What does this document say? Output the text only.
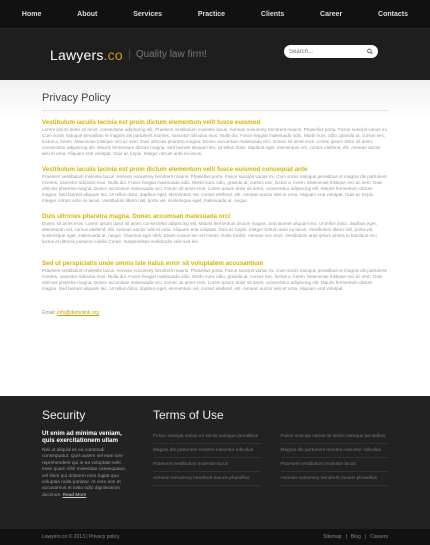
Home	About	Services	Practice	Clients	Career	Contacts
Lawyers.co	Quality law firm!
Search...
Privacy Policy
Vestibulum iaculis lacinia est proin dictum elementum velit fusce euismod

Lorem ipsum dolor sit amet, consectetur adipiscing elit. Praesent vestibulum molestie lacus. Aenean nonummy hendrerit mauris. Phasellus porta. Fusce suscipit varius mi. Cum sociis natoque penatibus et magnis dis parturient montes, nascetur ridiculus mus. Nulla dui. Fusce feugiat malesuada odio. Morbi nunc odio, gravida at, cursus nec, luctus a, lorem. Maecenas tristique orci ac sem. Duis ultricies pharetra magna. Donec accumsan malesuada orci. Donec sit amet eros. Lorem ipsum dolor sit amet, consectetur adipiscing elit. Mauris fermentum dictum magna. Sed laoreet aliquam leo. Ut tellus dolor, dapibus eget, elementum vel, cursus eleifend, elit. Aenean auctor wisi et urna. Aliquam erat volutpat. Duis ac turpis. Integer rutrum ante eu lacus.

Vestibulum iaculis lacinia est proin dictum elementum velit fusce euismod consequat ante

Praesent vestibulum molestie lacus. Aenean nonummy hendrerit mauris. Phasellus porta. Fusce suscipit varius mi. Cum sociis natoque penatibus et magnis dis parturient montes, nascetur ridiculus mus. Nulla dui. Fusce feugiat malesuada odio. Morbi nunc odio, gravida at, cursus nec, luctus a, lorem. Maecenas tristique orci ac sem. Duis ultricies pharetra magna. Donec accumsan malesuada orci. Donec sit amet eros. Lorem ipsum dolor sit amet, consectetur adipiscing elit. Mauris fermentum dictum magna. Sed laoreet aliquam leo. Ut tellus dolor, dapibus eget, elementum vel, cursus eleifend, elit. Aenean auctor wisi et urna. Aliquam erat volutpat. Duis ac turpis. Integer rutrum ante eu lacus. Vestibulum libero nisl, porta vel, scelerisque eget, malesuada at, neque.

Duis ultricies pharetra magna. Donec accumsan malesuada orci

Donec sit amet eros. Lorem ipsum dolor sit amet, consectetur adipiscing elit. Mauris fermentum dictum magna. Sed laoreet aliquam leo. Ut tellus dolor, dapibus eget, elementum vel, cursus eleifend, elit. Aenean auctor wisi et urna. Aliquam erat volutpat. Duis ac turpis. Integer rutrum ante eu lacus. Vestibulum libero nisl, porta vel, scelerisque eget, malesuada at, neque. Vivamus eget nibh. Etiam cursus leo vel metus. Nulla facilisi. Aenean nec eros. Vestibulum ante ipsum primis in faucibus orci luctus et ultrices posuere cubilia Curae; Suspendisse sollicitudin velit sed leo.

Sed ut perspiciatis unde omnis iste natus error sit voluptatem accusantium

Praesent vestibulum molestie lacus. Aenean nonummy hendrerit mauris. Phasellus porta. Fusce suscipit varius mi. Cum sociis natoque penatibus et magnis dis parturient montes, nascetur ridiculus mus. Nulla dui. Fusce feugiat malesuada odio. Morbi nunc odio, gravida at, cursus nec, luctus a, lorem. Maecenas tristique orci ac sem. Duis ultricies pharetra magna. Donec accumsan malesuada orci. Donec sit amet eros. Lorem ipsum dolor sit amet, consectetur adipiscing elit. Mauris fermentum dictum magna. Sed laoreet aliquam leo. Ut tellus dolor, dapibus eget, elementum vel, cursus eleifend, elit. Aenean auctor wisi et urna. Aliquam erat volutpat.

Email: info@demolink.org
Security

Ut enim ad minima veniam, quis exercitationem ullam

Nisi ut aliquid ex ea commodi consequatur. Quis autem vel eum iure reprehenderit qui in ea voluptate velit esse quam nihil molestiae consequatur, vel illum qui dolorem eum fugiat quo voluptas nulla pariatur. At vero eos et accusamus et iusto odio dignissimos ducimus. Read More

Terms of Use
Fusce suscipit varius mi sociis natoque penatibus	Fusce suscipit varius mi sociis natoque penatibus
Magnis dis parturient montes nascetur ridiculus	Magnis dis parturient montes nascetur ridiculus
Praesent vestibulum molestie lacus	Praesent vestibulum molestie lacus
Aenean nonummy hendrerit mauris phasellus	Aenean nonummy hendrerit mauris phasellus
Lawyers.co © 2013 | Privacy policy	Sitemap | Blog | Careers
